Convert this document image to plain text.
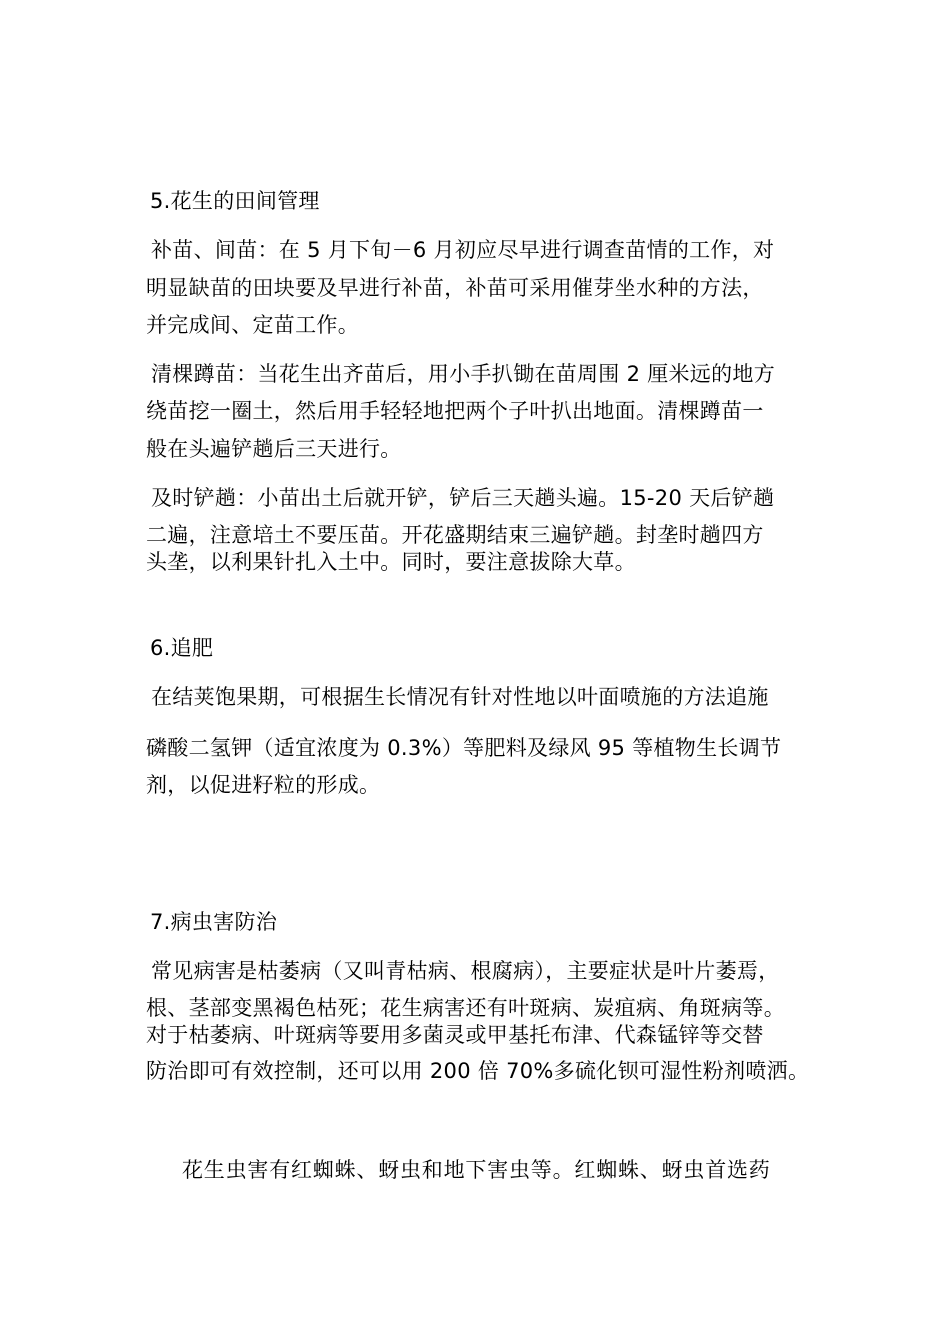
5.花生的田间管理
补苗、间苗：在 5 月下旬－6 月初应尽早进行调查苗情的工作，对
明显缺苗的田块要及早进行补苗，补苗可采用催芽坐水种的方法，
并完成间、定苗工作。
清棵蹲苗：当花生出齐苗后，用小手扒锄在苗周围 2 厘米远的地方
绕苗挖一圈土，然后用手轻轻地把两个子叶扒出地面。清棵蹲苗一
般在头遍铲趟后三天进行。
及时铲趟：小苗出土后就开铲，铲后三天趟头遍。15-20 天后铲趟
二遍，注意培土不要压苗。开花盛期结束三遍铲趟。封垄时趟四方
头垄，以利果针扎入土中。同时，要注意拔除大草。
6.追肥
在结荚饱果期，可根据生长情况有针对性地以叶面喷施的方法追施
磷酸二氢钾（适宜浓度为 0.3%）等肥料及绿风 95 等植物生长调节
剂，以促进籽粒的形成。
7.病虫害防治
常见病害是枯萎病（又叫青枯病、根腐病），主要症状是叶片萎焉，
根、茎部变黑褐色枯死；花生病害还有叶斑病、炭疽病、角斑病等。
对于枯萎病、叶斑病等要用多菌灵或甲基托布津、代森锰锌等交替
防治即可有效控制，还可以用 200 倍 70%多硫化钡可湿性粉剂喷洒。
花生虫害有红蜘蛛、蚜虫和地下害虫等。红蜘蛛、蚜虫首选药
